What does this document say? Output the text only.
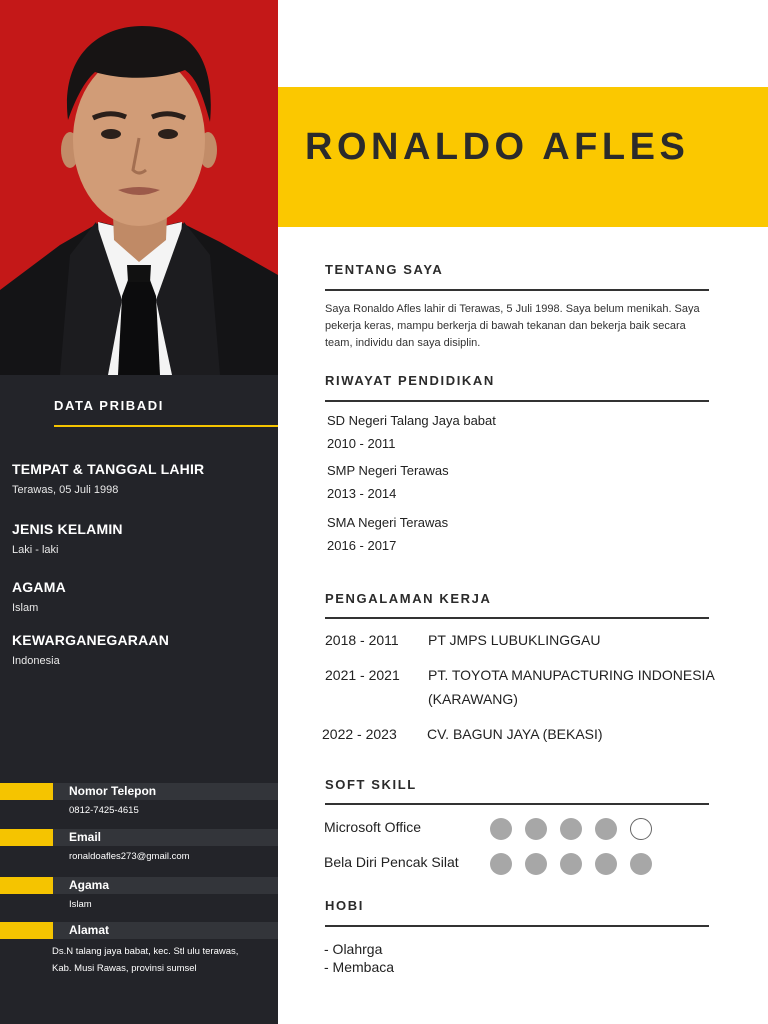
DATA PRIBADI
TEMPAT & TANGGAL LAHIR
Terawas, 05 Juli 1998
JENIS KELAMIN
Laki - laki
AGAMA
Islam
KEWARGANEGARAAN
Indonesia
Nomor Telepon
0812-7425-4615
Email
ronaldoafles273@gmail.com
Agama
Islam
Alamat
Ds.N talang jaya babat, kec. Stl ulu terawas,
Kab. Musi Rawas, provinsi sumsel
RONALDO AFLES
TENTANG SAYA
Saya Ronaldo Afles lahir di Terawas, 5 Juli 1998. Saya belum menikah. Saya pekerja keras, mampu berkerja di bawah tekanan dan bekerja baik secara team, individu dan saya disiplin.
RIWAYAT PENDIDIKAN
SD Negeri Talang Jaya babat
2010 - 2011
SMP Negeri Terawas
2013 - 2014
SMA Negeri Terawas
2016 - 2017
PENGALAMAN KERJA
2018 - 2011 PT JMPS LUBUKLINGGAU
2021 - 2021 PT. TOYOTA MANUPACTURING INDONESIA
(KARAWANG)
2022 - 2023 CV. BAGUN JAYA (BEKASI)
SOFT SKILL
Microsoft Office
Bela Diri Pencak Silat
HOBI
- Olahrga
- Membaca
